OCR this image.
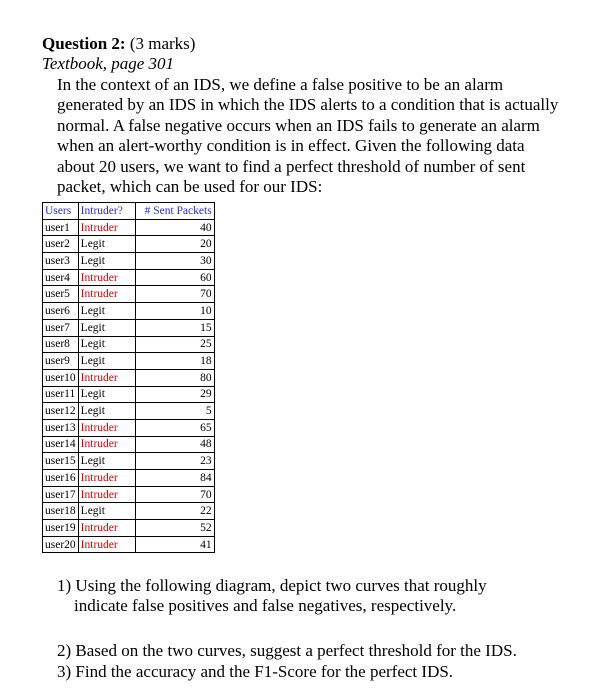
Question 2: (3 marks)
Textbook, page 301

In the context of an IDS, we define a false positive to be an alarm generated by an IDS in which the IDS alerts to a condition that is actually normal. A false negative occurs when an IDS fails to generate an alarm when an alert-worthy condition is in effect. Given the following data about 20 users, we want to find a perfect threshold of number of sent packet, which can be used for our IDS:

Users	Intruder?	# Sent Packets
user1	Intruder	40
user2	Legit	20
user3	Legit	30
user4	Intruder	60
user5	Intruder	70
user6	Legit	10
user7	Legit	15
user8	Legit	25
user9	Legit	18
user10	Intruder	80
user11	Legit	29
user12	Legit	5
user13	Intruder	65
user14	Intruder	48
user15	Legit	23
user16	Intruder	84
user17	Intruder	70
user18	Legit	22
user19	Intruder	52
user20	Intruder	41

1) Using the following diagram, depict two curves that roughly
indicate false positives and false negatives, respectively.

2) Based on the two curves, suggest a perfect threshold for the IDS.

3) Find the accuracy and the F1-Score for the perfect IDS.
